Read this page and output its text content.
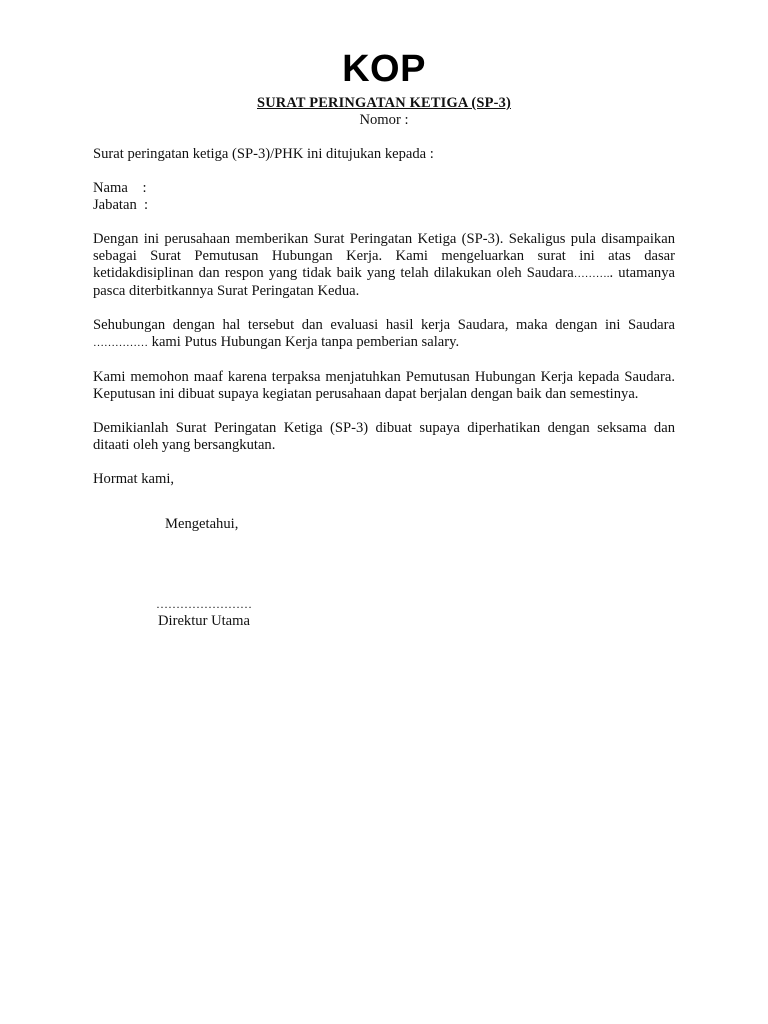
KOP

SURAT PERINGATAN KETIGA (SP-3)

Nomor :

Surat peringatan ketiga (SP-3)/PHK ini ditujukan kepada :

Nama    :
Jabatan  :

Dengan ini perusahaan memberikan Surat Peringatan Ketiga (SP-3). Sekaligus pula disampaikan sebagai Surat Pemutusan Hubungan Kerja. Kami mengeluarkan surat ini atas dasar ketidakdisiplinan dan respon yang tidak baik yang telah dilakukan oleh Saudara……….. utamanya pasca diterbitkannya Surat Peringatan Kedua.

Sehubungan dengan hal tersebut dan evaluasi hasil kerja Saudara, maka dengan ini Saudara …………… kami Putus Hubungan Kerja tanpa pemberian salary.

Kami memohon maaf karena terpaksa menjatuhkan Pemutusan Hubungan Kerja kepada Saudara. Keputusan ini dibuat supaya kegiatan perusahaan dapat berjalan dengan baik dan semestinya.

Demikianlah Surat Peringatan Ketiga (SP-3) dibuat supaya diperhatikan dengan seksama dan ditaati oleh yang bersangkutan.

Hormat kami,

Mengetahui,
……………………
Direktur Utama
